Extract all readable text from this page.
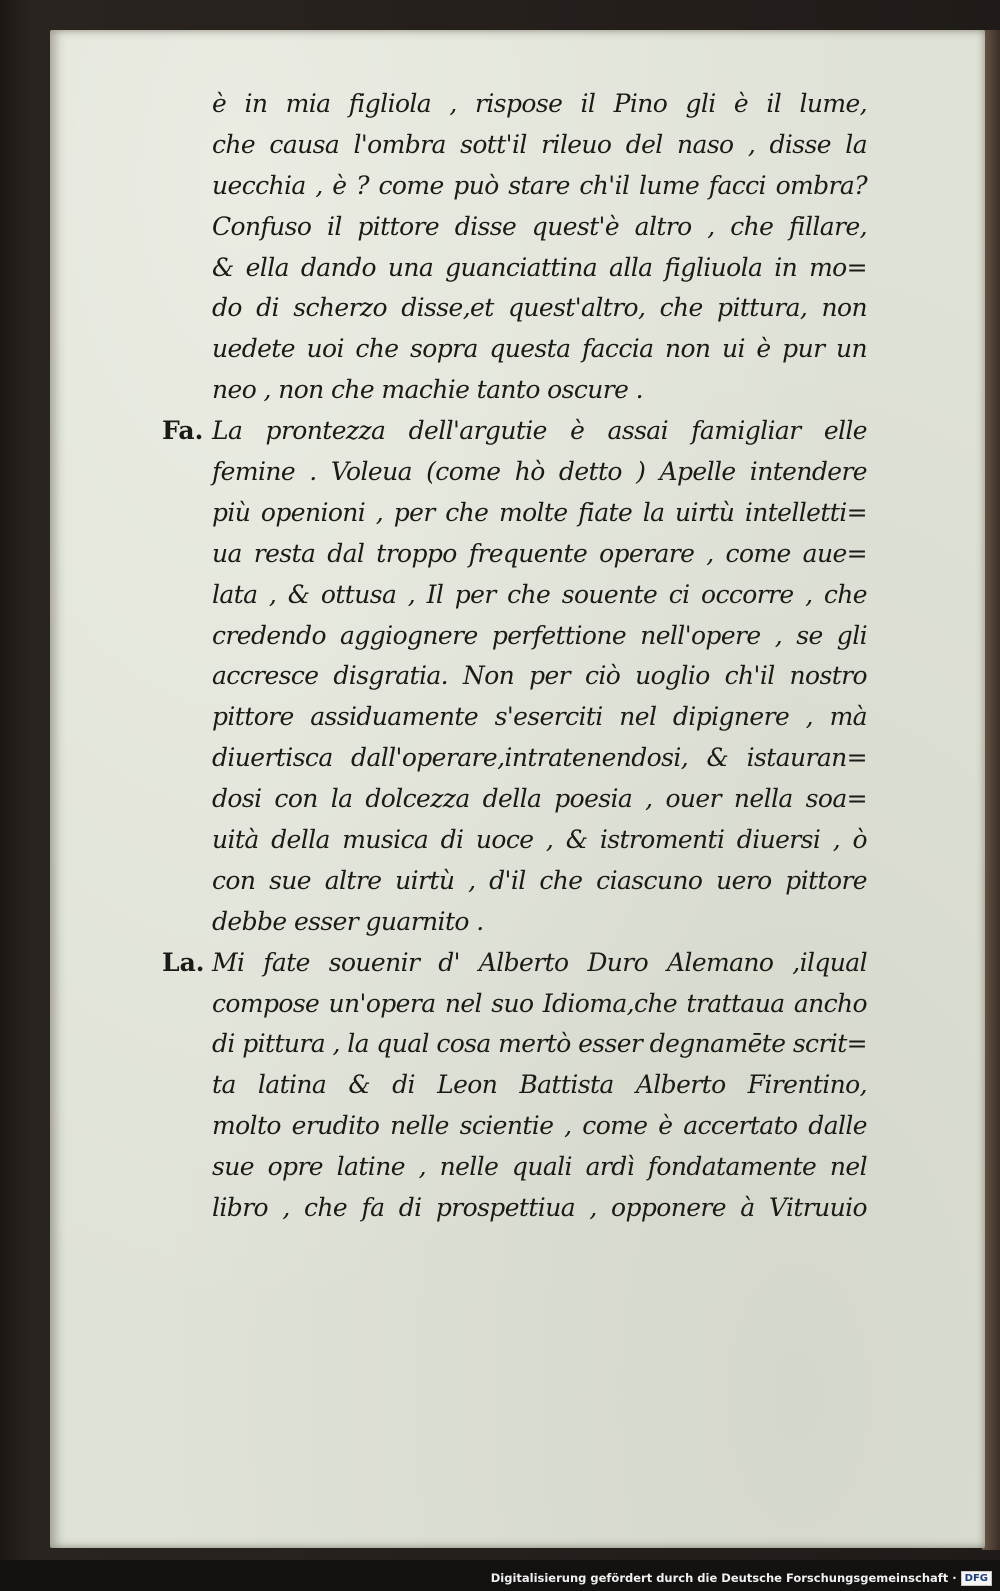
è in mia figliola , rispose il Pino gli è il lume,
che causa l'ombra sott'il rileuo del naso , disse la
uecchia , è ? come può stare ch'il lume facci ombra?
Confuso il pittore disse quest'è altro , che fillare,
& ella dando una guanciattina alla figliuola in mo=
do di scherzo disse,et quest'altro, che pittura, non
uedete uoi che sopra questa faccia non ui è pur un
neo , non che machie tanto oscure .
Fa. La prontezza dell'argutie è assai famigliar elle
femine . Voleua (come hò detto ) Apelle intendere
più openioni , per che molte fiate la uirtù intelletti=
ua resta dal troppo frequente operare , come aue=
lata , & ottusa , Il per che souente ci occorre , che
credendo aggiognere perfettione nell'opere , se gli
accresce disgratia. Non per ciò uoglio ch'il nostro
pittore assiduamente s'eserciti nel dipignere , mà
diuertisca dall'operare,intratenendosi, & istauran=
dosi con la dolcezza della poesia , ouer nella soa=
uità della musica di uoce , & istromenti diuersi , ò
con sue altre uirtù , d'il che ciascuno uero pittore
debbe esser guarnito .
La. Mi fate souenir d' Alberto Duro Alemano ,ilqual
compose un'opera nel suo Idioma,che trattaua ancho
di pittura , la qual cosa mertò esser degnamēte scrit=
ta latina & di Leon Battista Alberto Firentino,
molto erudito nelle scientie , come è accertato dalle
sue opre latine , nelle quali ardì fondatamente nel
libro , che fa di prospettiua , opponere à Vitruuio
Digitalisierung gefördert durch die Deutsche Forschungsgemeinschaft · DFG
